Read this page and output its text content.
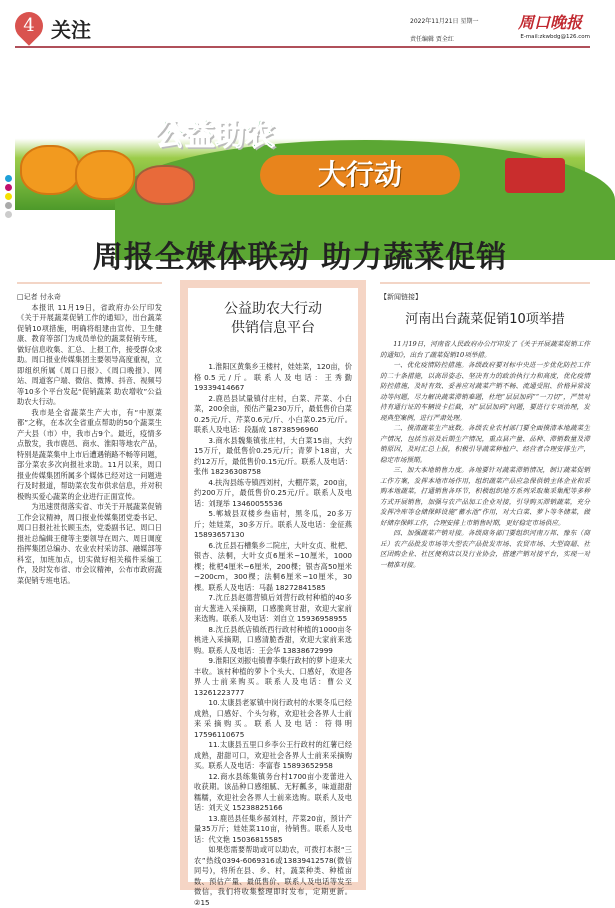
4 关注	2022年11月21日 星期一
责任编辑 贾全红
周口晚报
E-mail:zkwbdg@126.com
公益助农
大行动
周报全媒体联动 助力蔬菜促销
□记者 付永奇

本报讯 11月19日，省政府办公厅印发《关于开展蔬菜促销工作的通知》，出台蔬菜促销10项措施，明确将组建由宣传、卫生健康、教育等部门为成员单位的蔬菜促销专班，做好信息收集、汇总、上报工作，接受群众求助。周口报业传媒集团主要领导高度重视，立即组织所属《周口日报》、《周口晚报》、网站、周道客户端、微信、微博、抖音、视频号等10多个平台发起“促销蔬菜 助农增收”公益助农大行动。

我市是全省蔬菜生产大市，有“中原菜都”之称，在本次全省重点帮助的50个蔬菜生产大县（市）中，我市占9个。最近，疫情多点散发，我市鹿邑、商水、淮阳等地农产品，特别是蔬菜集中上市后遭遇销路不畅等问题，部分菜农多次向报社求助。11月以来，周口报业传媒集团所属多个媒体已经对这一问题进行及时报道，帮助菜农发布供求信息，并对积极购买爱心蔬菜的企业进行正面宣传。

为迅速贯彻落实省、市关于开展蔬菜促销工作会议精神，周口报业传媒集团党委书记、周口日报社社长顾玉杰，党委副书记、周口日报社总编辑王健等主要领导在周六、周日调度指挥集团总编办、农业农村采访部、融媒部等科室，加班加点，切实做好相关稿件采编工作，及时发布省、市会议精神，公布市政府蔬菜促销专班电话。

公益助农大行动
供销信息平台

1.淮阳区黄集乡王楼村，娃娃菜，120亩，价格0.5元/斤。联系人及电话：王秀勤 19339414667

2.鹿邑县试量镇付庄村，白菜、芹菜、小白菜，200余亩，预估产量230万斤，最低售价白菜0.25元/斤、芹菜0.6元/斤、小白菜0.25元/斤。联系人及电话：段磊成 18738596960

3.商水县魏集镇张庄村，大白菜15亩，大约15万斤，最低售价0.25元/斤；青萝卜18亩，大约12万斤，最低售价0.15元/斤。联系人及电话：张伟 18236308758

4.扶沟县练寺镇西刘村，大棚芹菜，200亩，约200万斤，最低售价0.25元/斤。联系人及电话：刘现举 13460055536

5.郸城县双楼乡叁庙村，黑冬瓜，20多万斤；娃娃菜，30多万斤。联系人及电话：金征燕 15893657130

6.沈丘县石槽集乡二院庄，大叶女贞、枇杷、银杏、法桐，大叶女贞6厘米~10厘米，1000棵；枇杷4厘米~6厘米，200棵；银杏高50厘米~200cm，300棵；法桐6厘米~10厘米，30棵。联系人及电话：马磊 18272841585

7.沈丘县赵德营镇后刘营行政村种植的40多亩大葱进入采摘期，口感脆爽甘甜，欢迎大家前来选购。联系人及电话：刘自立 15936958955

8.沈丘县纸店镇纸西行政村种植的1000亩冬桃进入采摘期，口感清脆香甜，欢迎大家前来选购。联系人及电话：王会华 13838672999

9.淮阳区刘振屯镇曹李集行政村的萝卜迎来大丰收。该村种植的萝卜个头大、口感好，欢迎各界人士前来购买。联系人及电话：曹公义 13261223777

10.太康县老冢镇中岗行政村的水果冬瓜已经成熟，口感好、个头匀称，欢迎社会各界人士前来采摘购买。联系人及电话：符得明 17596110675

11.太康县五里口乡李公王行政村的红薯已经成熟，甜甜可口，欢迎社会各界人士前来采摘购买。联系人及电话：李富春 15893652958

12.商水县练集镇务台村1700亩小麦蕾进入收获期。该品种口感细腻、无籽瓤多，味道甜甜糯糯，欢迎社会各界人士前来选购。联系人及电话：刘天义 15238825166

13.鹿邑县任集乡郝刘村，芹菜20亩，预计产量35万斤；娃娃菜110亩，待销售。联系人及电话：代文艳 15036815585

如果您需要帮助或可以助农，可拨打本报“三农”热线0394-6069316或13839412578(微信同号)，将所在县、乡、村，蔬菜种类、种植亩数、预估产量、最低售价、联系人及电话等发至微信，我们将收集整理即时发布，定期更新。 ②15

【新闻链接】
河南出台蔬菜促销10项举措

11月19日，河南省人民政府办公厅印发了《关于开展蔬菜促销工作的通知》，出台了蔬菜促销10项举措。

一、优化疫情防控措施。各级政府要对标中央进一步优化防控工作的二十条措施，以高昂姿态、坚决有力的政治执行力和高度，优化疫情防控措施，及时有效、妥善应对蔬菜产销不畅、流通受阻、价格异常波动等问题，尽力解决蔬菜滞销难题，杜绝“层层加码”“一刀切”，严禁对持有通行证的车辆设卡拦截，对“层层加码”问题，要进行专项治理，发现典型案例，进行严肃处理。

二、摸清蔬菜生产底数。各级农业农村部门要全面摸清本地蔬菜生产情况，包括当前及后期生产情况，重点县产量、品种、滞销数量及滞销原因，及时汇总上报，积极引导蔬菜种植户、经营者合理安排生产，稳定市场预期。

三、加大本地销售力度。各地要针对蔬菜滞销情况，制订蔬菜促销工作方案，发挥本地市场作用，组织蔬菜产品应急保供销主体企业和采购本地蔬菜，打通销售各环节，积极组织地方系列采取集采集配等多种方式开展销售，加强与农产品加工企业对接，引导购买滞销蔬菜，充分发挥冷库等仓储保鲜设施“蓄水池”作用，对大白菜、萝卜等冬储菜，做好储存保鲜工作，合理安排上市销售时期，更好稳定市场供应。

四、加强蔬菜产销对接。各级商务部门要组织河南万邦、豫东（商丘）农产品批发市场等大型农产品批发市场、农贸市场、大型商超、社区团购企业、社区便利店以及行业协会，搭建产销对接平台，实现一对一精准对接。
